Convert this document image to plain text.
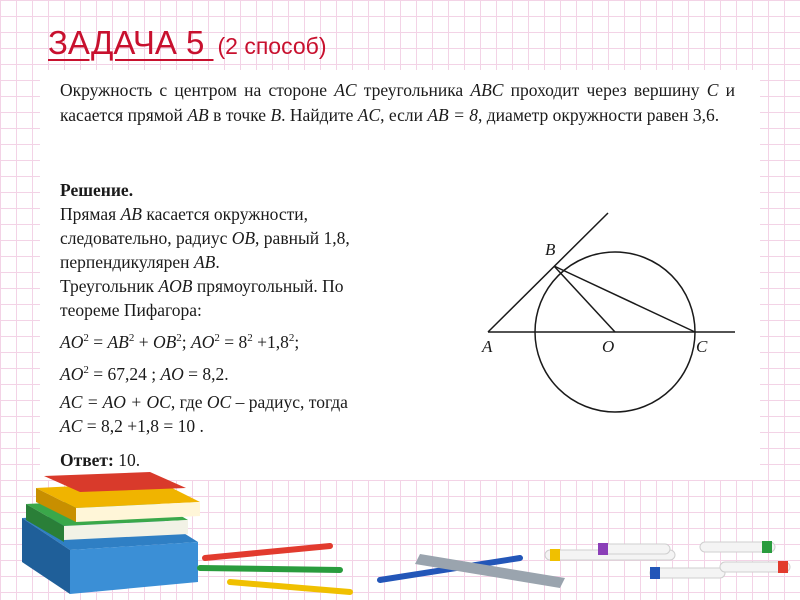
ЗАДАЧА 5 (2 способ)

Окружность с центром на стороне AC треугольника ABC проходит через вершину C и касается прямой AB в точке B. Найдите AC, если AB = 8, диаметр окружности равен 3,6.

Решение.
Прямая AB касается окружности,
следовательно, радиус OB, равный 1,8,
перпендикулярен AB.
Треугольник AOB прямоугольный. По
теореме Пифагора:
$AO^2 = AB^2 + OB^2$; $AO^2 = 8^2 +1,8^2$;
$AO^2 = 67,24$ ; AO = 8,2.
AC = AO + OC, где OC – радиус, тогда
AC = 8,2 +1,8 = 10 .

Ответ: 10.

A
B
O	C
